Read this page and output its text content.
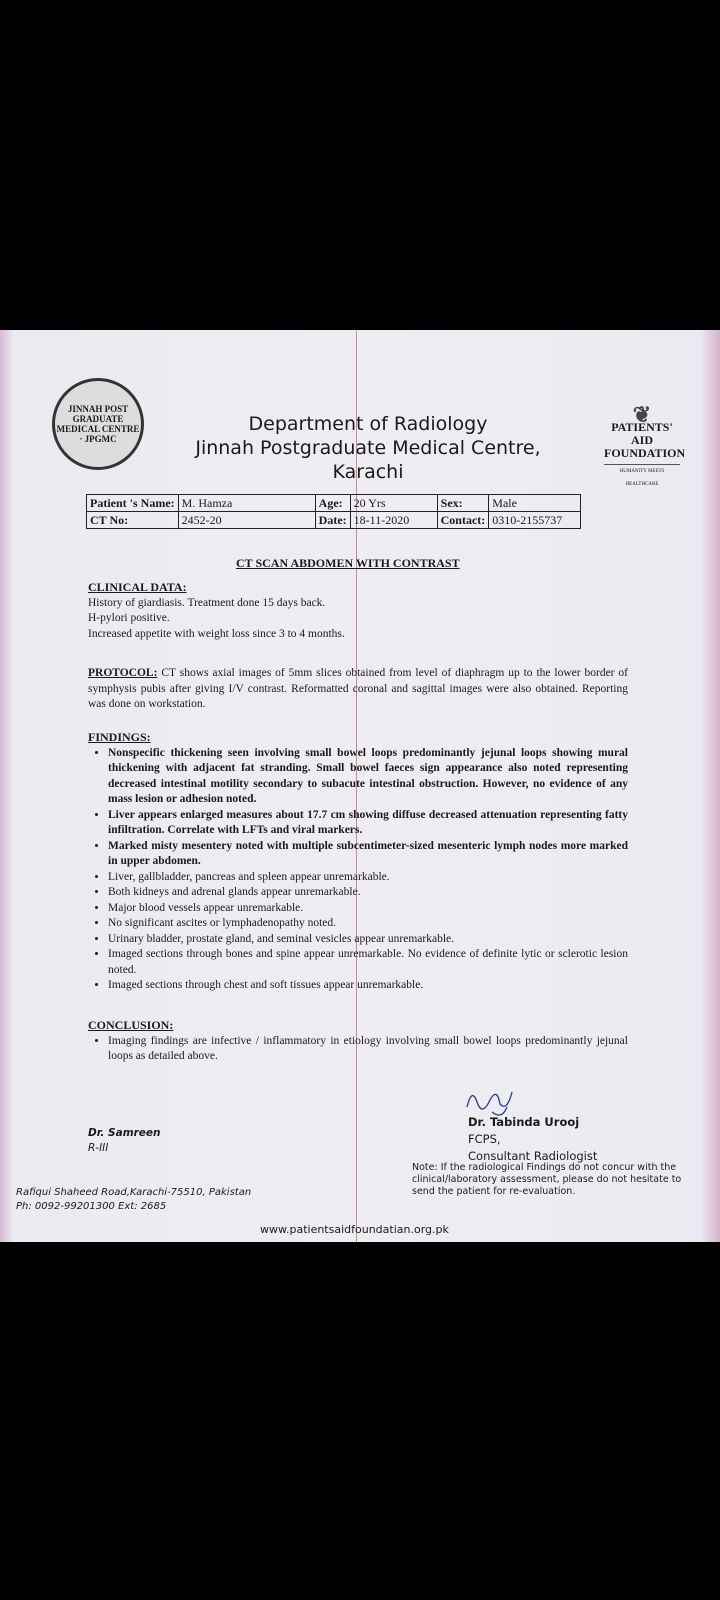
JINNAH POST GRADUATE MEDICAL CENTRE · JPGMC
Department of Radiology
Jinnah Postgraduate Medical Centre, Karachi
❦
PATIENTS' AID FOUNDATION
HUMANITY MEETS HEALTHCARE
Patient 's Name:	M. Hamza	Age:	20 Yrs	Sex:	Male
CT No:	2452-20	Date:	18-11-2020	Contact:	0310-2155737
CT SCAN ABDOMEN WITH CONTRAST
CLINICAL DATA:
History of giardiasis. Treatment done 15 days back.
H-pylori positive.
Increased appetite with weight loss since 3 to 4 months.
PROTOCOL: CT shows axial images of 5mm slices obtained from level of diaphragm up to the lower border of symphysis pubis after giving I/V contrast. Reformatted coronal and sagittal images were also obtained. Reporting was done on workstation.
FINDINGS:
• Nonspecific thickening seen involving small bowel loops predominantly jejunal loops showing mural thickening with adjacent fat stranding. Small bowel faeces sign appearance also noted representing decreased intestinal motility secondary to subacute intestinal obstruction. However, no evidence of any mass lesion or adhesion noted.
• Liver appears enlarged measures about 17.7 cm showing diffuse decreased attenuation representing fatty infiltration. Correlate with LFTs and viral markers.
• Marked misty mesentery noted with multiple subcentimeter-sized mesenteric lymph nodes more marked in upper abdomen.
• Liver, gallbladder, pancreas and spleen appear unremarkable.
• Both kidneys and adrenal glands appear unremarkable.
• Major blood vessels appear unremarkable.
• No significant ascites or lymphadenopathy noted.
• Urinary bladder, prostate gland, and seminal vesicles appear unremarkable.
• Imaged sections through bones and spine appear unremarkable. No evidence of definite lytic or sclerotic lesion noted.
• Imaged sections through chest and soft tissues appear unremarkable.
CONCLUSION:
• Imaging findings are infective / inflammatory in etiology involving small bowel loops predominantly jejunal loops as detailed above.
Dr. Samreen
R-III
Dr. Tabinda Urooj
FCPS,
Consultant Radiologist
Note: If the radiological Findings do not concur with the clinical/laboratory assessment, please do not hesitate to send the patient for re-evaluation.
Rafiqui Shaheed Road,Karachi-75510, Pakistan
Ph: 0092-99201300 Ext: 2685
www.patientsaidfoundatian.org.pk
